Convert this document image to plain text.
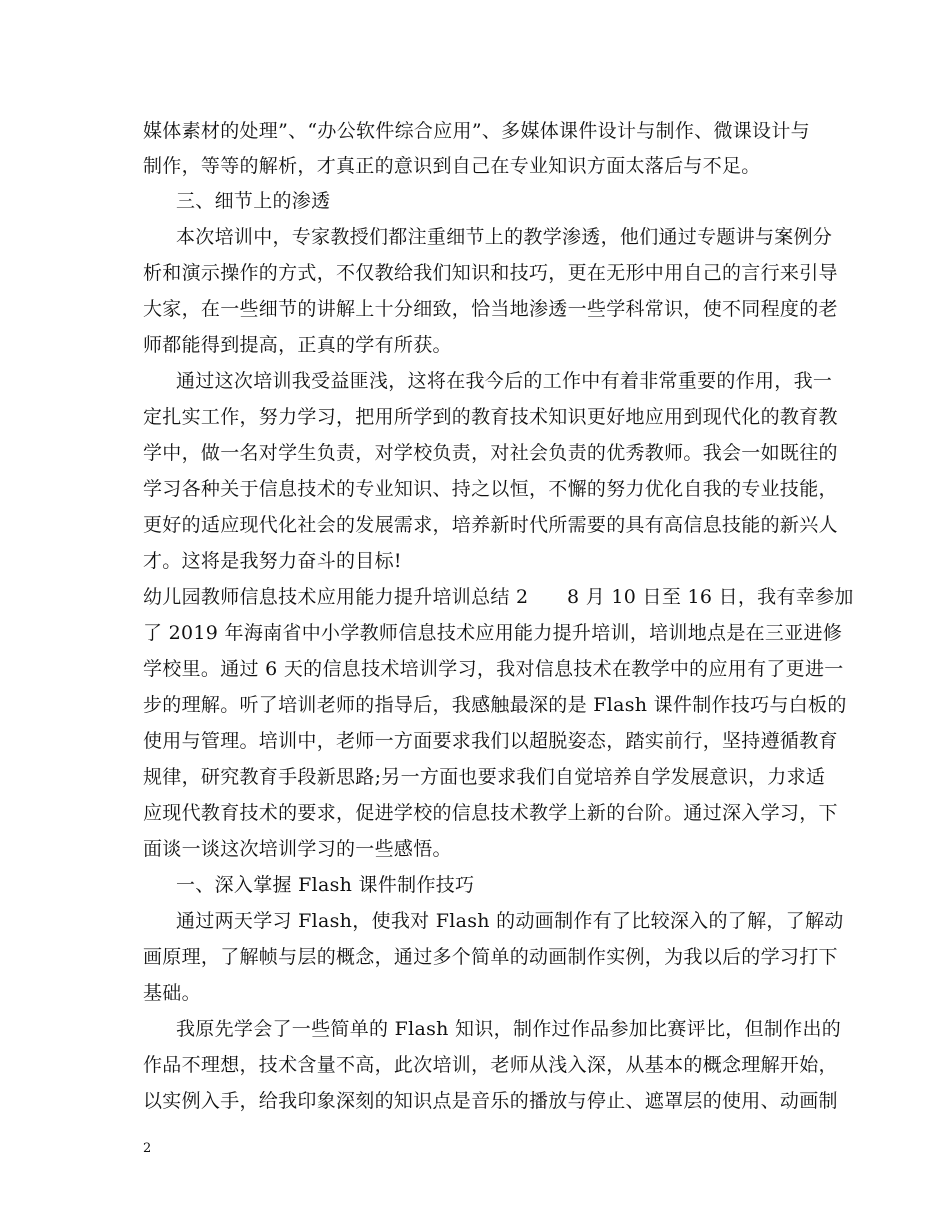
媒体素材的处理”、“办公软件综合应用”、多媒体课件设计与制作、微课设计与
制作，等等的解析，才真正的意识到自己在专业知识方面太落后与不足。
三、细节上的渗透
本次培训中，专家教授们都注重细节上的教学渗透，他们通过专题讲与案例分
析和演示操作的方式，不仅教给我们知识和技巧，更在无形中用自己的言行来引导
大家，在一些细节的讲解上十分细致，恰当地渗透一些学科常识，使不同程度的老
师都能得到提高，正真的学有所获。
通过这次培训我受益匪浅，这将在我今后的工作中有着非常重要的作用，我一
定扎实工作，努力学习，把用所学到的教育技术知识更好地应用到现代化的教育教
学中，做一名对学生负责，对学校负责，对社会负责的优秀教师。我会一如既往的
学习各种关于信息技术的专业知识、持之以恒，不懈的努力优化自我的专业技能，
更好的适应现代化社会的发展需求，培养新时代所需要的具有高信息技能的新兴人
才。这将是我努力奋斗的目标!
幼儿园教师信息技术应用能力提升培训总结 2　　8 月 10 日至 16 日，我有幸参加
了 2019 年海南省中小学教师信息技术应用能力提升培训，培训地点是在三亚进修
学校里。通过 6 天的信息技术培训学习，我对信息技术在教学中的应用有了更进一
步的理解。听了培训老师的指导后，我感触最深的是 Flash 课件制作技巧与白板的
使用与管理。培训中，老师一方面要求我们以超脱姿态，踏实前行，坚持遵循教育
规律，研究教育手段新思路;另一方面也要求我们自觉培养自学发展意识，力求适
应现代教育技术的要求，促进学校的信息技术教学上新的台阶。通过深入学习，下
面谈一谈这次培训学习的一些感悟。
一、深入掌握 Flash 课件制作技巧
通过两天学习 Flash，使我对 Flash 的动画制作有了比较深入的了解，了解动
画原理，了解帧与层的概念，通过多个简单的动画制作实例，为我以后的学习打下
基础。
我原先学会了一些简单的 Flash 知识，制作过作品参加比赛评比，但制作出的
作品不理想，技术含量不高，此次培训，老师从浅入深，从基本的概念理解开始，
以实例入手，给我印象深刻的知识点是音乐的播放与停止、遮罩层的使用、动画制
2
